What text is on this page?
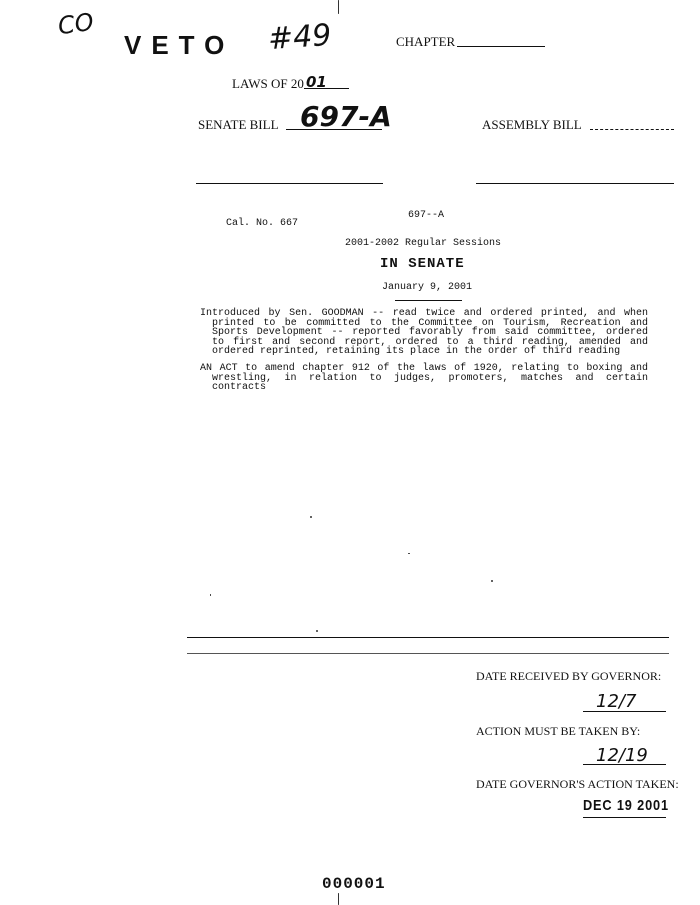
CO
VETO #49	CHAPTER
LAWS OF 20 01
SENATE BILL 697-A	ASSEMBLY BILL
697--A
Cal. No. 667
2001-2002 Regular Sessions
IN SENATE
January 9, 2001
Introduced by Sen. GOODMAN -- read twice and ordered printed, and when
printed to be committed to the Committee on Tourism, Recreation and
Sports Development -- reported favorably from said committee, ordered
to first and second report, ordered to a third reading, amended and
ordered reprinted, retaining its place in the order of third reading
AN ACT to amend chapter 912 of the laws of 1920, relating to boxing and
wrestling, in relation to judges, promoters, matches and certain
contracts
DATE RECEIVED BY GOVERNOR:
12/7
ACTION MUST BE TAKEN BY:
12/19
DATE GOVERNOR'S ACTION TAKEN:
DEC 19 2001
000001
